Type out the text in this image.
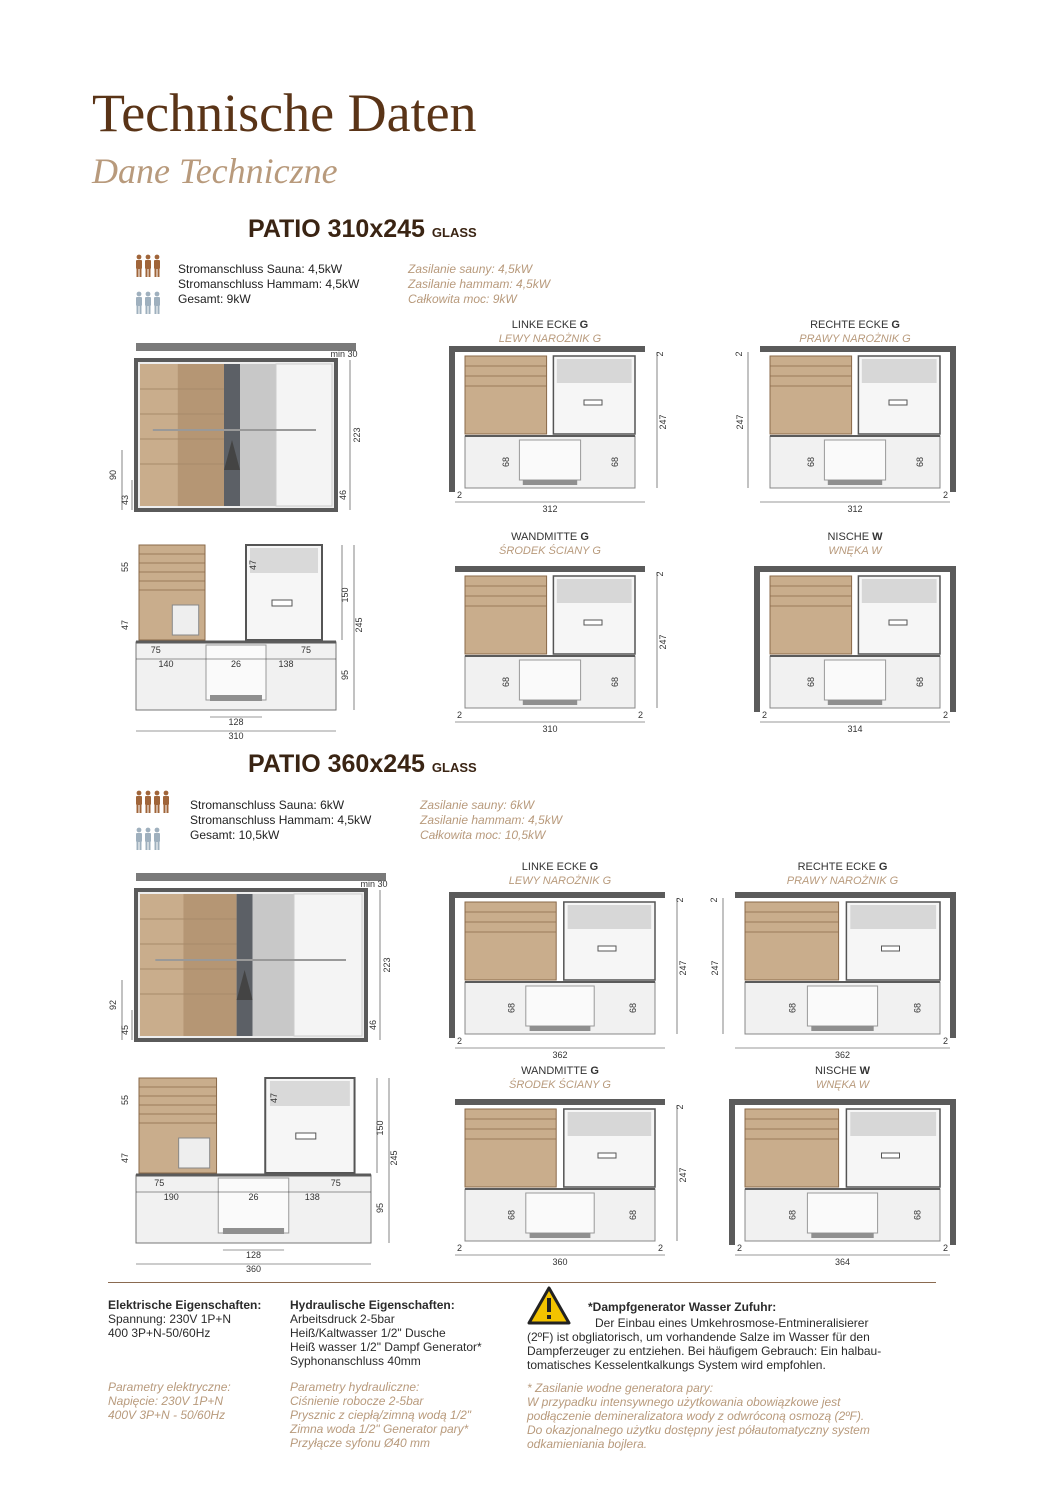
Technische Daten
Dane Techniczne
PATIO 310x245 GLASS
Stromanschluss Sauna: 4,5kW
Stromanschluss Hammam: 4,5kW
Gesamt: 9kW
Zasilanie sauny: 4,5kW
Zasilanie hammam: 4,5kW
Całkowita moc: 9kW
min 30
223
90
43	46
55
47
47
150
245
95
75	75
140	26	138
128
310
LINKE ECKE G
LEWY NAROŻNIK G
68	68
247
2
312
2
RECHTE ECKE G
PRAWY NAROŻNIK G
68	68
247
2
312
2
WANDMITTE G
ŚRODEK ŚCIANY G
68	68
247
2
310
2	2
NISCHE W
WNĘKA W
68	68
314
2	2
PATIO 360x245 GLASS
Stromanschluss Sauna: 6kW
Stromanschluss Hammam: 4,5kW
Gesamt: 10,5kW
Zasilanie sauny: 6kW
Zasilanie hammam: 4,5kW
Całkowita moc: 10,5kW
min 30
223
92
45	46
55
47
47
150
245
95
75	75
190	26	138
128
360
LINKE ECKE G
LEWY NAROŻNIK G
68	68
247
2
362
2
RECHTE ECKE G
PRAWY NAROŻNIK G
68	68
247
2
362
2
WANDMITTE G
ŚRODEK ŚCIANY G
68	68
247
2
360
2	2
NISCHE W
WNĘKA W
68	68
364
2	2
Elektrische Eigenschaften:
Spannung: 230V 1P+N
400 3P+N-50/60Hz
Parametry elektryczne:
Napięcie: 230V 1P+N
400V 3P+N - 50/60Hz
Hydraulische Eigenschaften:
Arbeitsdruck 2-5bar
Heiß/Kaltwasser 1/2" Dusche
Heiß wasser 1/2" Dampf Generator*
Syphonanschluss 40mm
Parametry hydrauliczne:
Ciśnienie robocze 2-5bar
Prysznic z ciepłą/zimną wodą 1/2"
Zimna woda 1/2" Generator pary*
Przyłącze syfonu Ø40 mm
*Dampfgenerator Wasser Zufuhr:
Der Einbau eines Umkehrosmose-Entmineralisierer
(2ºF) ist obgliatorisch, um vorhandende Salze im Wasser für den
Dampferzeuger zu entziehen. Bei häufigem Gebrauch: Ein halbau-
tomatisches Kesselentkalkungs System wird empfohlen.
* Zasilanie wodne generatora pary:
W przypadku intensywnego użytkowania obowiązkowe jest
podłączenie demineralizatora wody z odwróconą osmozą (2ºF).
Do okazjonalnego użytku dostępny jest półautomatyczny system
odkamieniania bojlera.
